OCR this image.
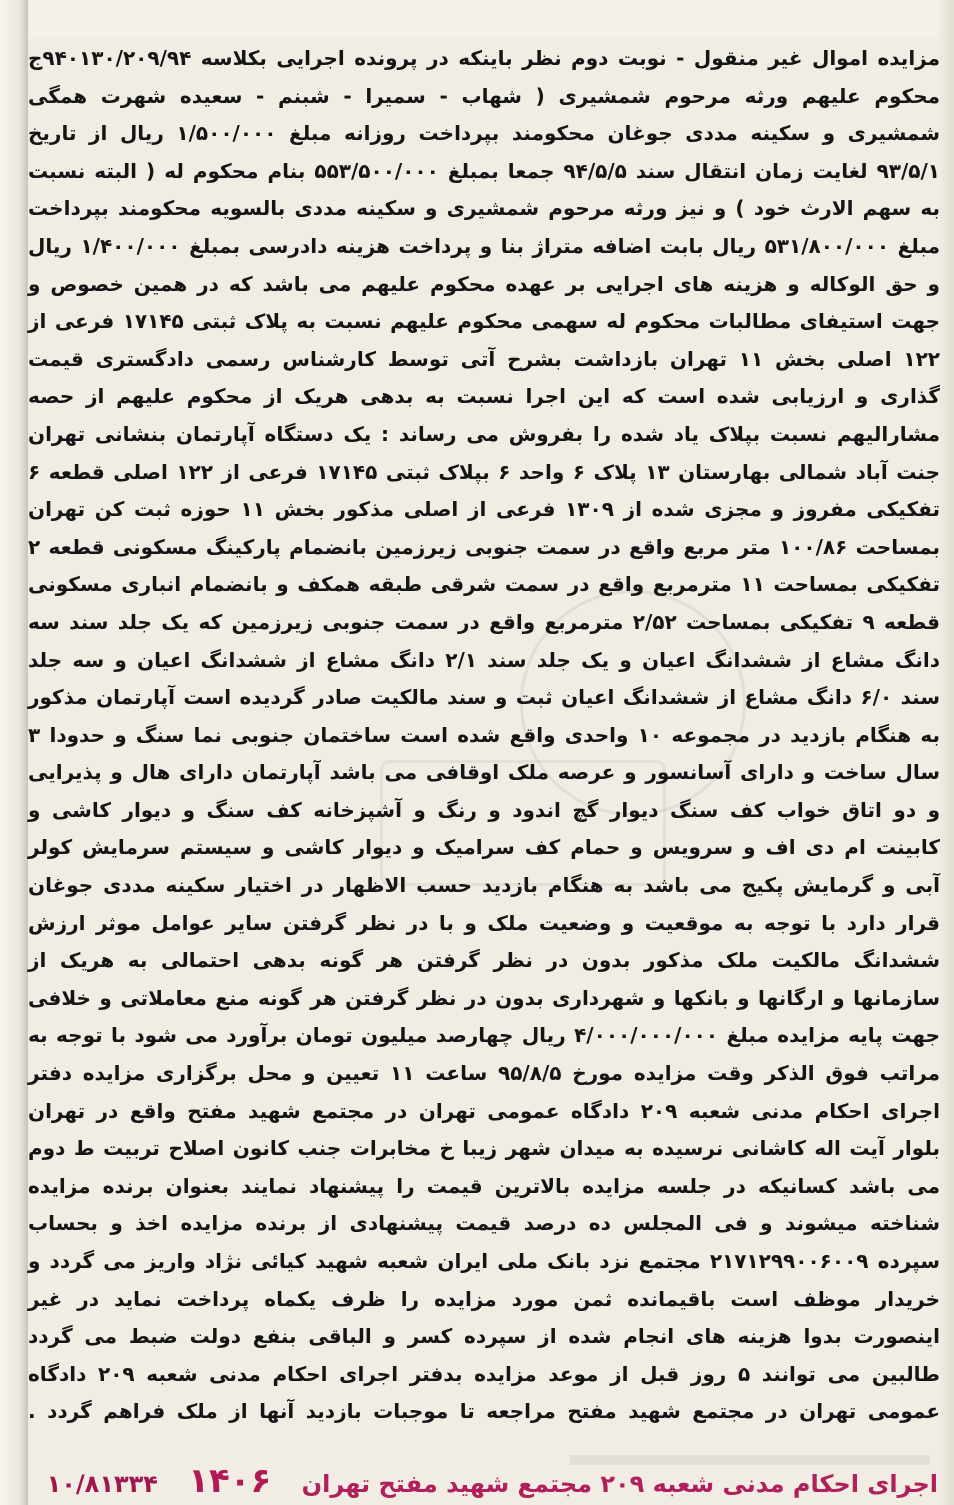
مزایده اموال غیر منقول - نوبت دوم نظر باینکه در پرونده اجرایی بکلاسه ۹۴۰۱۳۰/۲۰۹/۹۴ج محکوم علیهم ورثه مرحوم شمشیری ( شهاب - سمیرا - شبنم - سعیده شهرت همگی شمشیری و سکینه مددی جوغان محکومند بپرداخت روزانه مبلغ ۱/۵۰۰/۰۰۰ ریال از تاریخ ۹۳/۵/۱ لغایت زمان انتقال سند ۹۴/۵/۵ جمعا بمبلغ ۵۵۳/۵۰۰/۰۰۰ بنام محکوم له ( البته نسبت به سهم الارث خود ) و نیز ورثه مرحوم شمشیری و سکینه مددی بالسویه محکومند بپرداخت مبلغ ۵۳۱/۸۰۰/۰۰۰ ریال بابت اضافه متراژ بنا و پرداخت هزینه دادرسی بمبلغ ۱/۴۰۰/۰۰۰ ریال و حق الوکاله و هزینه های اجرایی بر عهده محکوم علیهم می باشد که در همین خصوص و جهت استیفای مطالبات محکوم له سهمی محکوم علیهم نسبت به پلاک ثبتی ۱۷۱۴۵ فرعی از ۱۲۲ اصلی بخش ۱۱ تهران بازداشت بشرح آتی توسط کارشناس رسمی دادگستری قیمت گذاری و ارزیابی شده است که این اجرا نسبت به بدهی هریک از محکوم علیهم از حصه مشارالیهم نسبت بپلاک یاد شده را بفروش می رساند : یک دستگاه آپارتمان بنشانی تهران جنت آباد شمالی بهارستان ۱۳ پلاک ۶ واحد ۶ بپلاک ثبتی ۱۷۱۴۵ فرعی از ۱۲۲ اصلی قطعه ۶ تفکیکی مفروز و مجزی شده از ۱۳۰۹ فرعی از اصلی مذکور بخش ۱۱ حوزه ثبت کن تهران بمساحت ۱۰۰/۸۶ متر مربع واقع در سمت جنوبی زیرزمین بانضمام پارکینگ مسکونی قطعه ۲ تفکیکی بمساحت ۱۱ مترمربع واقع در سمت شرقی طبقه همکف و بانضمام انباری مسکونی قطعه ۹ تفکیکی بمساحت ۲/۵۲ مترمربع واقع در سمت جنوبی زیرزمین که یک جلد سند سه دانگ مشاع از ششدانگ اعیان و یک جلد سند ۲/۱ دانگ مشاع از ششدانگ اعیان و سه جلد سند ۶/۰ دانگ مشاع از ششدانگ اعیان ثبت و سند مالکیت صادر گردیده است آپارتمان مذکور به هنگام بازدید در مجموعه ۱۰ واحدی واقع شده است ساختمان جنوبی نما سنگ و حدودا ۳ سال ساخت و دارای آسانسور و عرصه ملک اوقافی می باشد آپارتمان دارای هال و پذیرایی و دو اتاق خواب کف سنگ دیوار گچ اندود و رنگ و آشپزخانه کف سنگ و دیوار کاشی و کابینت ام دی اف و سرویس و حمام کف سرامیک و دیوار کاشی و سیستم سرمایش کولر آبی و گرمایش پکیج می باشد به هنگام بازدید حسب الاظهار در اختیار سکینه مددی جوغان قرار دارد با توجه به موقعیت و وضعیت ملک و با در نظر گرفتن سایر عوامل موثر ارزش ششدانگ مالکیت ملک مذکور بدون در نظر گرفتن هر گونه بدهی احتمالی به هریک از سازمانها و ارگانها و بانکها و شهرداری بدون در نظر گرفتن هر گونه منع معاملاتی و خلافی جهت پایه مزایده مبلغ ۴/۰۰۰/۰۰۰/۰۰۰ ریال چهارصد میلیون تومان برآورد می شود با توجه به مراتب فوق الذکر وقت مزایده مورخ ۹۵/۸/۵ ساعت ۱۱ تعیین و محل برگزاری مزایده دفتر اجرای احکام مدنی شعبه ۲۰۹ دادگاه عمومی تهران در مجتمع شهید مفتح واقع در تهران بلوار آیت اله کاشانی نرسیده به میدان شهر زیبا خ مخابرات جنب کانون اصلاح تربیت ط دوم می باشد کسانیکه در جلسه مزایده بالاترین قیمت را پیشنهاد نمایند بعنوان برنده مزایده شناخته میشوند و فی المجلس ده درصد قیمت پیشنهادی از برنده مزایده اخذ و بحساب سپرده ۲۱۷۱۲۹۹۰۰۶۰۰۹ مجتمع نزد بانک ملی ایران شعبه شهید کیائی نژاد واریز می گردد و خریدار موظف است باقیمانده ثمن مورد مزایده را ظرف یکماه پرداخت نماید در غیر اینصورت بدوا هزینه های انجام شده از سپرده کسر و الباقی بنفع دولت ضبط می گردد طالبین می توانند ۵ روز قبل از موعد مزایده بدفتر اجرای احکام مدنی شعبه ۲۰۹ دادگاه عمومی تهران در مجتمع شهید مفتح مراجعه تا موجبات بازدید آنها از ملک فراهم گردد .
اجرای احکام مدنی شعبه ۲۰۹ مجتمع شهید مفتح تهران ۱۴۰۶ ۱۰/۸۱۳۳۴
